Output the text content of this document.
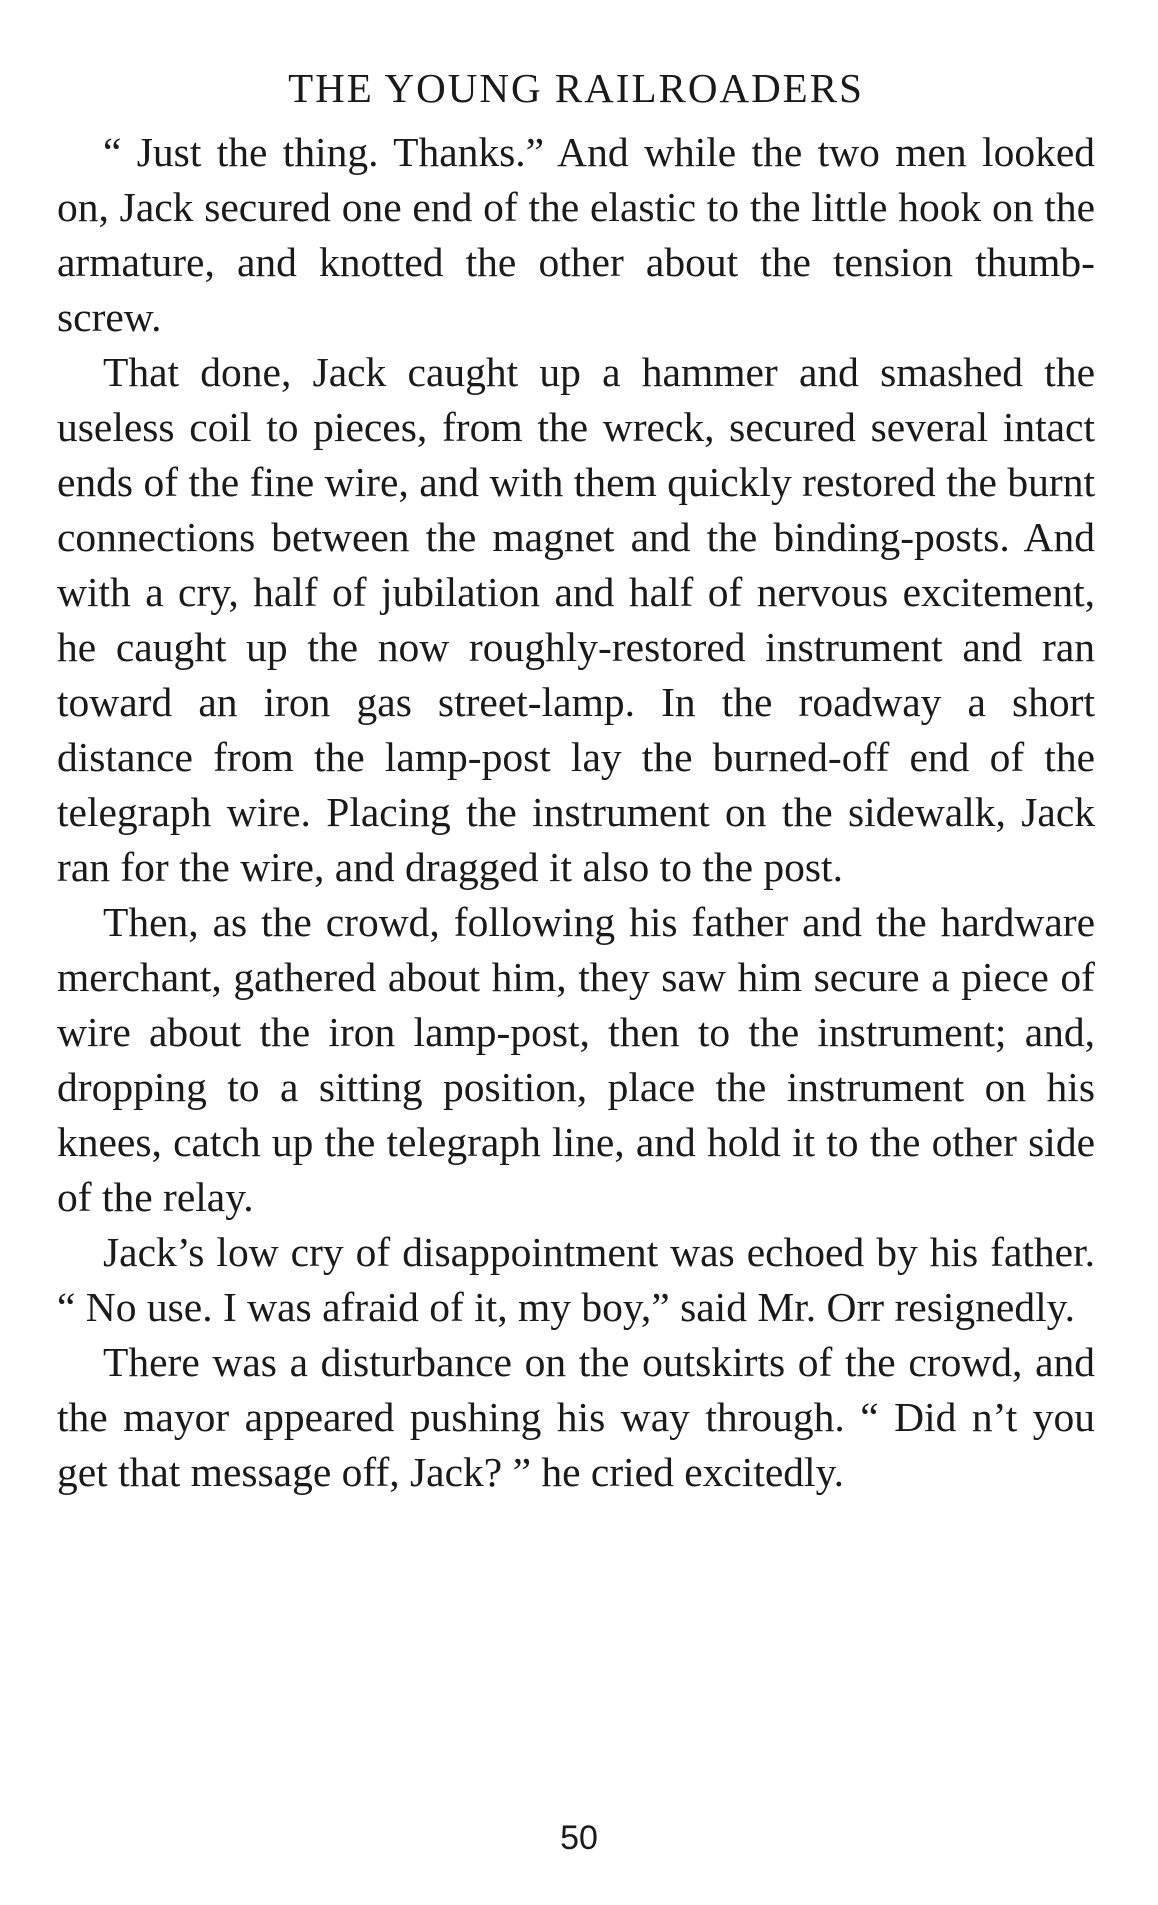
THE YOUNG RAILROADERS

“ Just the thing. Thanks.” And while the two men looked on, Jack secured one end of the elastic to the little hook on the armature, and knotted the other about the tension thumb-screw.

That done, Jack caught up a hammer and smashed the useless coil to pieces, from the wreck, secured several intact ends of the fine wire, and with them quickly restored the burnt connections between the magnet and the binding-posts. And with a cry, half of jubilation and half of nervous excitement, he caught up the now roughly-restored instrument and ran toward an iron gas street-lamp. In the roadway a short distance from the lamp-post lay the burned-off end of the telegraph wire. Placing the instrument on the sidewalk, Jack ran for the wire, and dragged it also to the post.

Then, as the crowd, following his father and the hardware merchant, gathered about him, they saw him secure a piece of wire about the iron lamp-post, then to the instrument; and, dropping to a sitting position, place the instrument on his knees, catch up the telegraph line, and hold it to the other side of the relay.

Jack’s low cry of disappointment was echoed by his father. “ No use. I was afraid of it, my boy,” said Mr. Orr resignedly.

There was a disturbance on the outskirts of the crowd, and the mayor appeared pushing his way through. “ Did n’t you get that message off, Jack? ” he cried excitedly.

50
